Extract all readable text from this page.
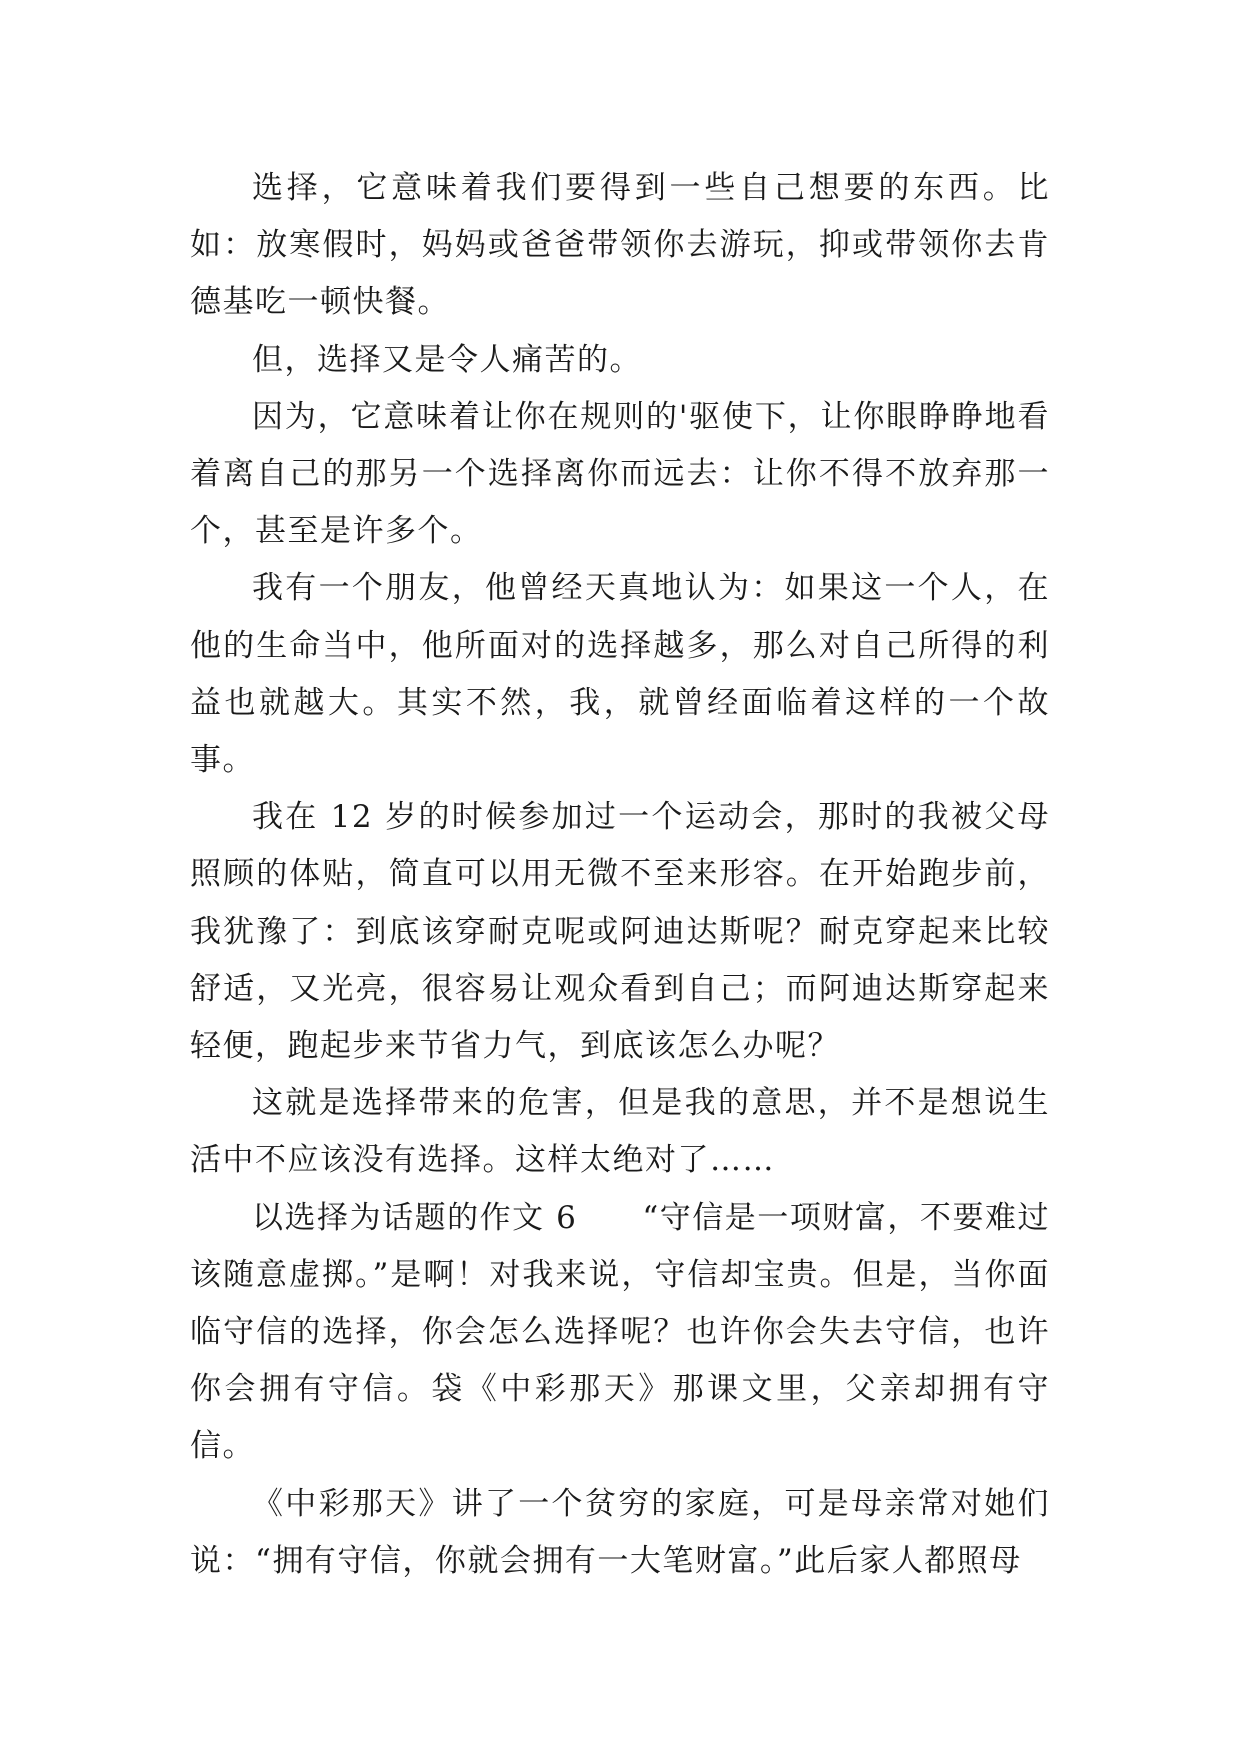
选择，它意味着我们要得到一些自己想要的东西。比如：放寒假时，妈妈或爸爸带领你去游玩，抑或带领你去肯德基吃一顿快餐。

但，选择又是令人痛苦的。

因为，它意味着让你在规则的'驱使下，让你眼睁睁地看着离自己的那另一个选择离你而远去：让你不得不放弃那一个，甚至是许多个。

我有一个朋友，他曾经天真地认为：如果这一个人，在他的生命当中，他所面对的选择越多，那么对自己所得的利益也就越大。其实不然，我，就曾经面临着这样的一个故事。

我在 12 岁的时候参加过一个运动会，那时的我被父母照顾的体贴，简直可以用无微不至来形容。在开始跑步前，我犹豫了：到底该穿耐克呢或阿迪达斯呢？耐克穿起来比较舒适，又光亮，很容易让观众看到自己；而阿迪达斯穿起来轻便，跑起步来节省力气，到底该怎么办呢？

这就是选择带来的危害，但是我的意思，并不是想说生活中不应该没有选择。这样太绝对了……

以选择为话题的作文 6　　“守信是一项财富，不要难过该随意虚掷。”是啊！对我来说，守信却宝贵。但是，当你面临守信的选择，你会怎么选择呢？也许你会失去守信，也许你会拥有守信。袋《中彩那天》那课文里，父亲却拥有守信。

《中彩那天》讲了一个贫穷的家庭，可是母亲常对她们说：“拥有守信，你就会拥有一大笔财富。”此后家人都照母
